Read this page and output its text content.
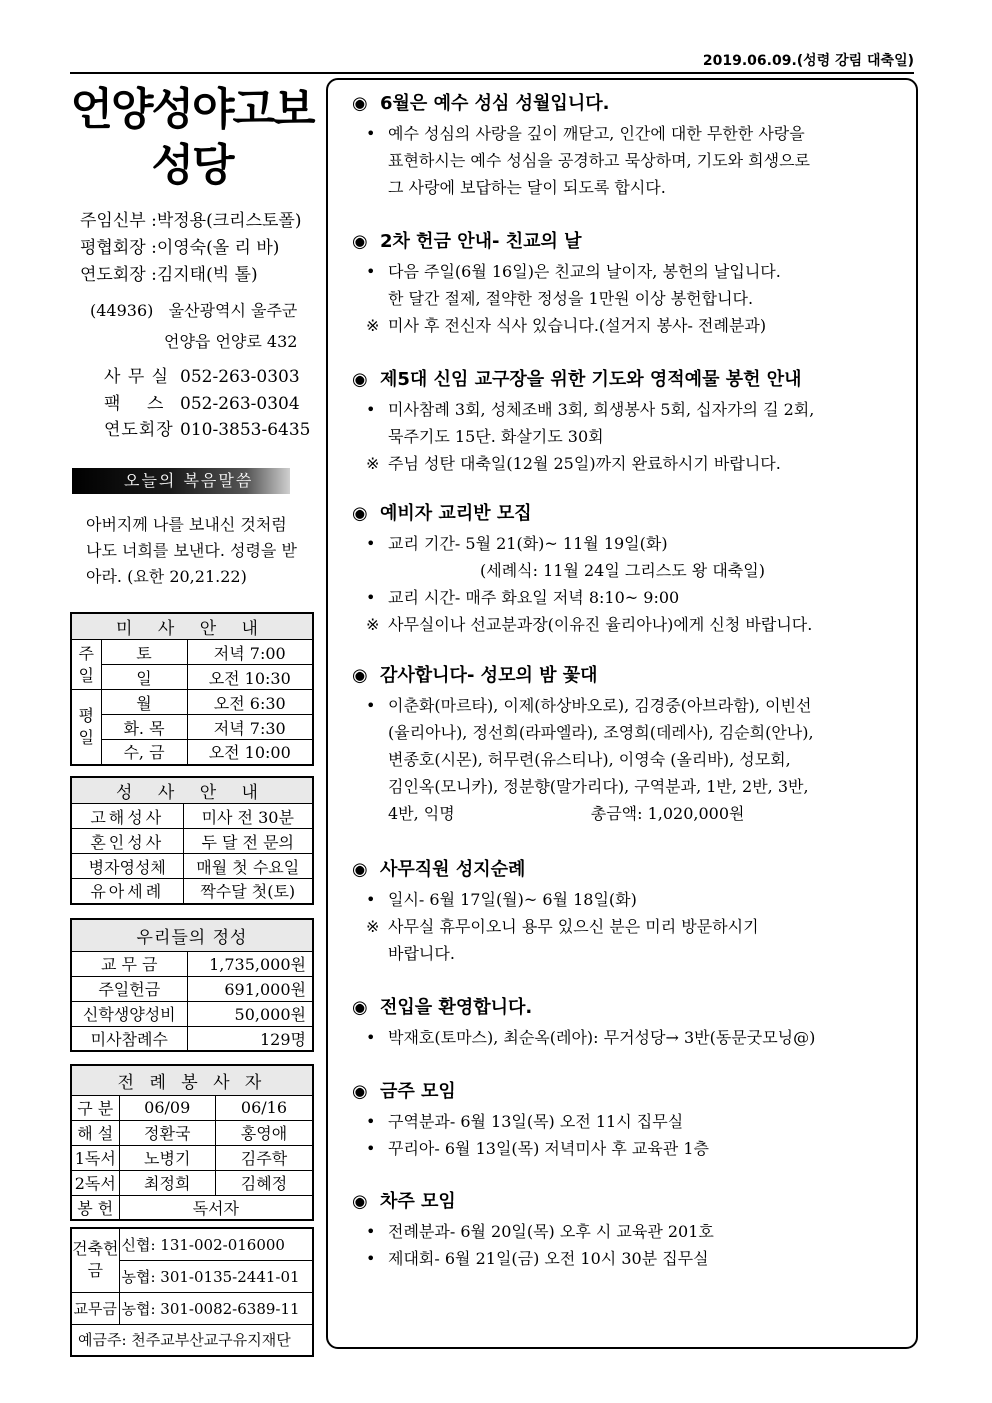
2019.06.09.(성령 강림 대축일)
언양성야고보
성당
주임신부 :박정용(크리스토폴)
평협회장 :이영숙(올 리 바)
연도회장 :김지태(빅 톨)
(44936)   울산광역시 울주군
언양읍 언양로 432
사 무 실 052-263-0303
팩    스 052-263-0304
연도회장 010-3853-6435
오늘의 복음말씀
아버지께 나를 보내신 것처럼 나도 너희를 보낸다. 성령을 받아라. (요한 20,21.22)
미 사 안 내		
주일	토	저녁 7:00
	일	오전 10:30
평일	월	오전 6:30
	화. 목	저녁 7:30
	수, 금	오전 10:00
성 사 안 내	
고해성사	미사 전 30분
혼인성사	두 달 전 문의
병자영성체	매월 첫 수요일
유아세례	짝수달 첫(토)
우리들의 정성	
교 무 금	1,735,000원
주일헌금	691,000원
신학생양성비	50,000원
미사참례수	129명
전 례 봉 사 자		
구 분	06/09	06/16
해 설	정환국	홍영애
1독서	노병기	김주학
2독서	최정희	김혜정
봉 헌	독서자	
건축헌금	신협: 131-002-016000
	농협: 301-0135-2441-01
교무금	농협: 301-0082-6389-11
예금주: 천주교부산교구유지재단	
◉ 6월은 예수 성심 성월입니다.

• 예수 성심의 사랑을 깊이 깨닫고, 인간에 대한 무한한 사랑을

표현하시는 예수 성심을 공경하고 묵상하며, 기도와 희생으로

그 사랑에 보답하는 달이 되도록 합시다.

◉ 2차 헌금 안내- 친교의 날

• 다음 주일(6월 16일)은 친교의 날이자, 봉헌의 날입니다.

한 달간 절제, 절약한 정성을 1만원 이상 봉헌합니다.

※ 미사 후 전신자 식사 있습니다.(설거지 봉사- 전례분과)

◉ 제5대 신임 교구장을 위한 기도와 영적예물 봉헌 안내

• 미사참례 3회, 성체조배 3회, 희생봉사 5회, 십자가의 길 2회,

묵주기도 15단. 화살기도 30회

※ 주님 성탄 대축일(12월 25일)까지 완료하시기 바랍니다.

◉ 예비자 교리반 모집

• 교리 기간- 5월 21(화)~ 11월 19일(화)

(세례식: 11월 24일 그리스도 왕 대축일)

• 교리 시간- 매주 화요일 저녁 8:10~ 9:00

※ 사무실이나 선교분과장(이유진 율리아나)에게 신청 바랍니다.

◉ 감사합니다- 성모의 밤 꽃대

• 이춘화(마르타), 이제(하상바오로), 김경중(아브라함), 이빈선

(율리아나), 정선희(라파엘라), 조영희(데레사), 김순희(안나),

변종호(시몬), 허무련(유스티나), 이영숙 (올리바), 성모회,

김인옥(모니카), 정분향(말가리다), 구역분과, 1반, 2반, 3반,

4반, 익명	총금액: 1,020,000원

◉ 사무직원 성지순례

• 일시- 6월 17일(월)~ 6월 18일(화)

※ 사무실 휴무이오니 용무 있으신 분은 미리 방문하시기

바랍니다.

◉ 전입을 환영합니다.

• 박재호(토마스), 최순옥(레아): 무거성당→ 3반(동문굿모닝@)

◉ 금주 모임

• 구역분과- 6월 13일(목) 오전 11시 집무실

• 꾸리아- 6월 13일(목) 저녁미사 후 교육관 1층

◉ 차주 모임

• 전례분과- 6월 20일(목) 오후 시 교육관 201호

• 제대회- 6월 21일(금) 오전 10시 30분 집무실
